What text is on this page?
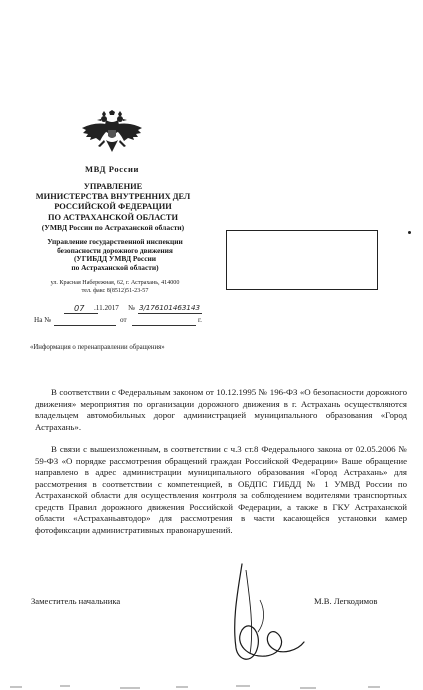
МВД России
УПРАВЛЕНИЕ
МИНИСТЕРСТВА ВНУТРЕННИХ ДЕЛ
РОССИЙСКОЙ ФЕДЕРАЦИИ
ПО АСТРАХАНСКОЙ ОБЛАСТИ
(УМВД России по Астраханской области)
Управление государственной инспекции
безопасности дорожного движения
(УГИБДД УМВД России
по Астраханской области)
ул. Красная Набережная, 62, г. Астрахань, 414000
тел. факс 8(8512)51-23-57
07 .11.2017 № 3/176101463143
На №	от	г.
«Информация о перенаправлении обращения»
В соответствии с Федеральным законом от 10.12.1995 № 196-ФЗ «О безопасности дорожного движения» мероприятия по организации дорожного движения в г. Астрахань осуществляются владельцем автомобильных дорог администрацией муниципального образования «Город Астрахань».
В связи с вышеизложенным, в соответствии с ч.3 ст.8 Федерального закона от 02.05.2006 № 59-ФЗ «О порядке рассмотрения обращений граждан Российской Федерации» Ваше обращение направлено в адрес администрации муниципального образования «Город Астрахань» для рассмотрения в соответствии с компетенцией, в ОБДПС ГИБДД № 1 УМВД России по Астраханской области для осуществления контроля за соблюдением водителями транспортных средств Правил дорожного движения Российской Федерации, а также в ГКУ Астраханской области «Астраханьавтодор» для рассмотрения в части касающейся установки камер фотофиксации административных правонарушений.
Заместитель начальника	М.В. Легкодимов
